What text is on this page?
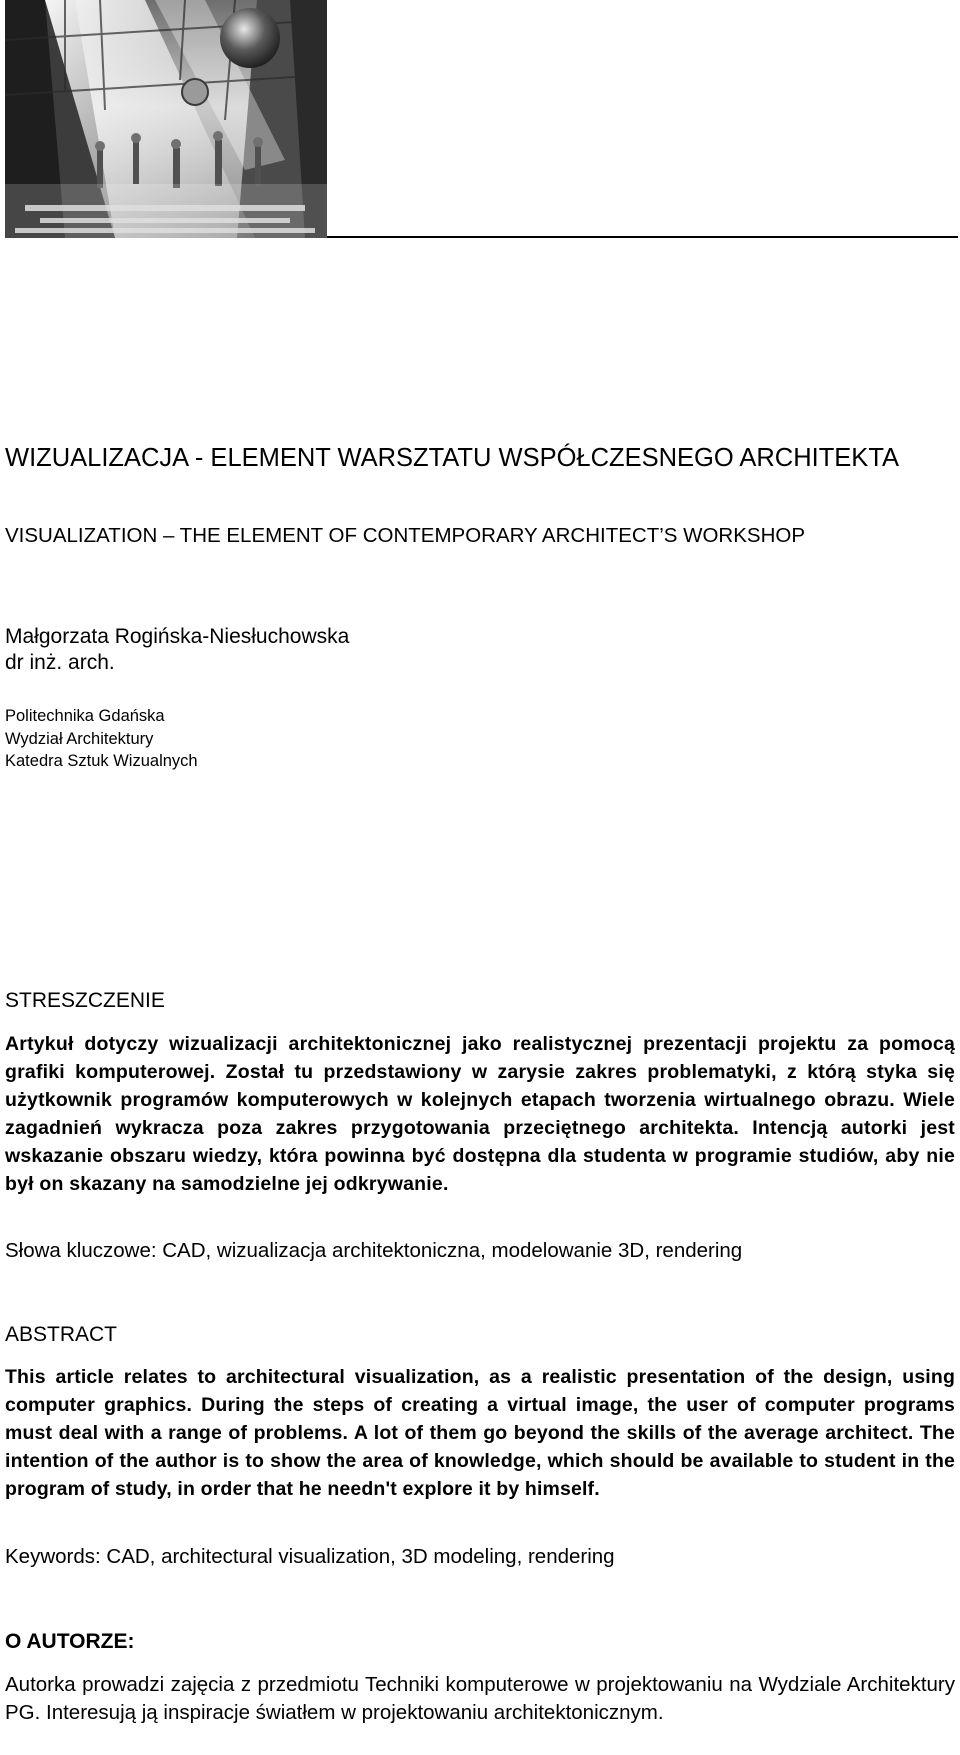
WIZUALIZACJA - ELEMENT WARSZTATU WSPÓŁCZESNEGO ARCHITEKTA
VISUALIZATION – THE ELEMENT OF CONTEMPORARY ARCHITECT’S WORKSHOP

Małgorzata Rogińska-Niesłuchowska

dr inż. arch.

Politechnika Gdańska

Wydział Architektury

Katedra Sztuk Wizualnych

STRESZCZENIE

Artykuł dotyczy wizualizacji architektonicznej jako realistycznej prezentacji projektu za pomocą grafiki komputerowej. Został tu przedstawiony w zarysie zakres problematyki, z którą styka się użytkownik programów komputerowych w kolejnych etapach tworzenia wirtualnego obrazu. Wiele zagadnień wykracza poza zakres przygotowania przeciętnego architekta. Intencją autorki jest wskazanie obszaru wiedzy, która powinna być dostępna dla studenta w programie studiów, aby nie był on skazany na samodzielne jej odkrywanie.

Słowa kluczowe: CAD, wizualizacja architektoniczna, modelowanie 3D, rendering

ABSTRACT

This article relates to architectural visualization, as a realistic presentation of the design, using computer graphics. During the steps of creating a virtual image, the user of computer programs must deal with a range of problems. A lot of them go beyond the skills of the average architect. The intention of the author is to show the area of knowledge, which should be available to student in the program of study, in order that he needn't explore it by himself.

Keywords: CAD, architectural visualization, 3D modeling, rendering

O AUTORZE:

Autorka prowadzi zajęcia z przedmiotu Techniki komputerowe w projektowaniu na Wydziale Architektury PG. Interesują ją inspiracje światłem w projektowaniu architektonicznym.
